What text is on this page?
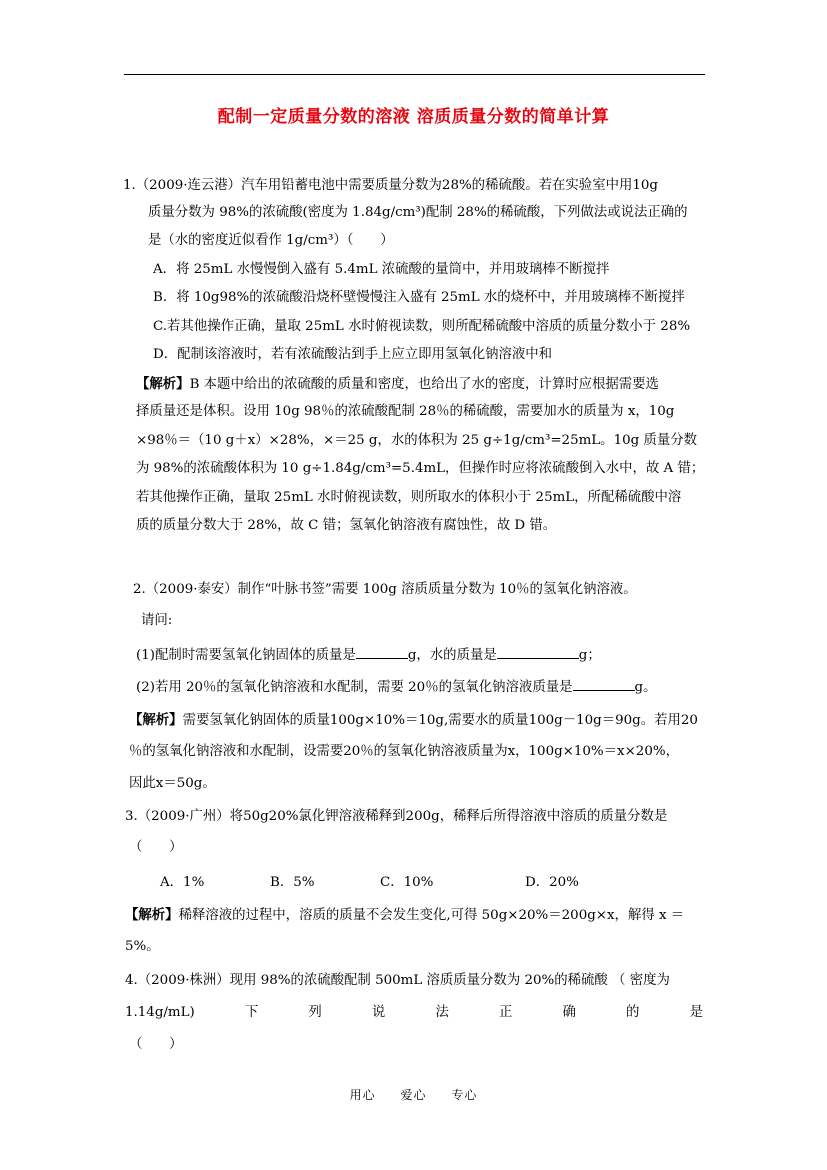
配制一定质量分数的溶液 溶质质量分数的简单计算
1.（2009·连云港）汽车用铅蓄电池中需要质量分数为28%的稀硫酸。若在实验室中用10g
质量分数为 98%的浓硫酸(密度为 1.84g/cm³)配制 28%的稀硫酸，下列做法或说法正确的
是（水的密度近似看作 1g/cm³）（　　）
A．将 25mL 水慢慢倒入盛有 5.4mL 浓硫酸的量筒中，并用玻璃棒不断搅拌
B．将 10g98%的浓硫酸沿烧杯壁慢慢注入盛有 25mL 水的烧杯中，并用玻璃棒不断搅拌
C.若其他操作正确，量取 25mL 水时俯视读数，则所配稀硫酸中溶质的质量分数小于 28%
D．配制该溶液时，若有浓硫酸沾到手上应立即用氢氧化钠溶液中和
【解析】B 本题中给出的浓硫酸的质量和密度，也给出了水的密度，计算时应根据需要选
择质量还是体积。设用 10g 98％的浓硫酸配制 28％的稀硫酸，需要加水的质量为 x，10g
×98％＝（10 g＋x）×28%，×＝25 g，水的体积为 25 g÷1g/cm³=25mL。10g 质量分数
为 98%的浓硫酸体积为 10 g÷1.84g/cm³=5.4mL，但操作时应将浓硫酸倒入水中，故 A 错；
若其他操作正确，量取 25mL 水时俯视读数，则所取水的体积小于 25mL，所配稀硫酸中溶
质的质量分数大于 28%，故 C 错；氢氧化钠溶液有腐蚀性，故 D 错。
2.（2009·泰安）制作“叶脉书签”需要 100g 溶质质量分数为 10％的氢氧化钠溶液。
请问:
(1)配制时需要氢氧化钠固体的质量是	g，水的质量是	g；
(2)若用 20％的氢氧化钠溶液和水配制，需要 20％的氢氧化钠溶液质量是	g。
【解析】需要氢氧化钠固体的质量100g×10%＝10g,需要水的质量100g－10g＝90g。若用20
％的氢氧化钠溶液和水配制，设需要20％的氢氧化钠溶液质量为x，100g×10%＝x×20%，
因此x＝50g。
3.（2009·广州）将50g20%氯化钾溶液稀释到200g，稀释后所得溶液中溶质的质量分数是
（　　）
A．1%	B．5%	C．10%	D．20%
【解析】稀释溶液的过程中，溶质的质量不会发生变化,可得 50g×20%＝200g×x，解得 x ＝
5%。
4.（2009·株洲）现用 98%的浓硫酸配制 500mL 溶质质量分数为 20%的稀硫酸 （ 密度为
1.14g/mL)	下	列	说	法	正	确	的	是
（　　）
用心 爱心 专心
